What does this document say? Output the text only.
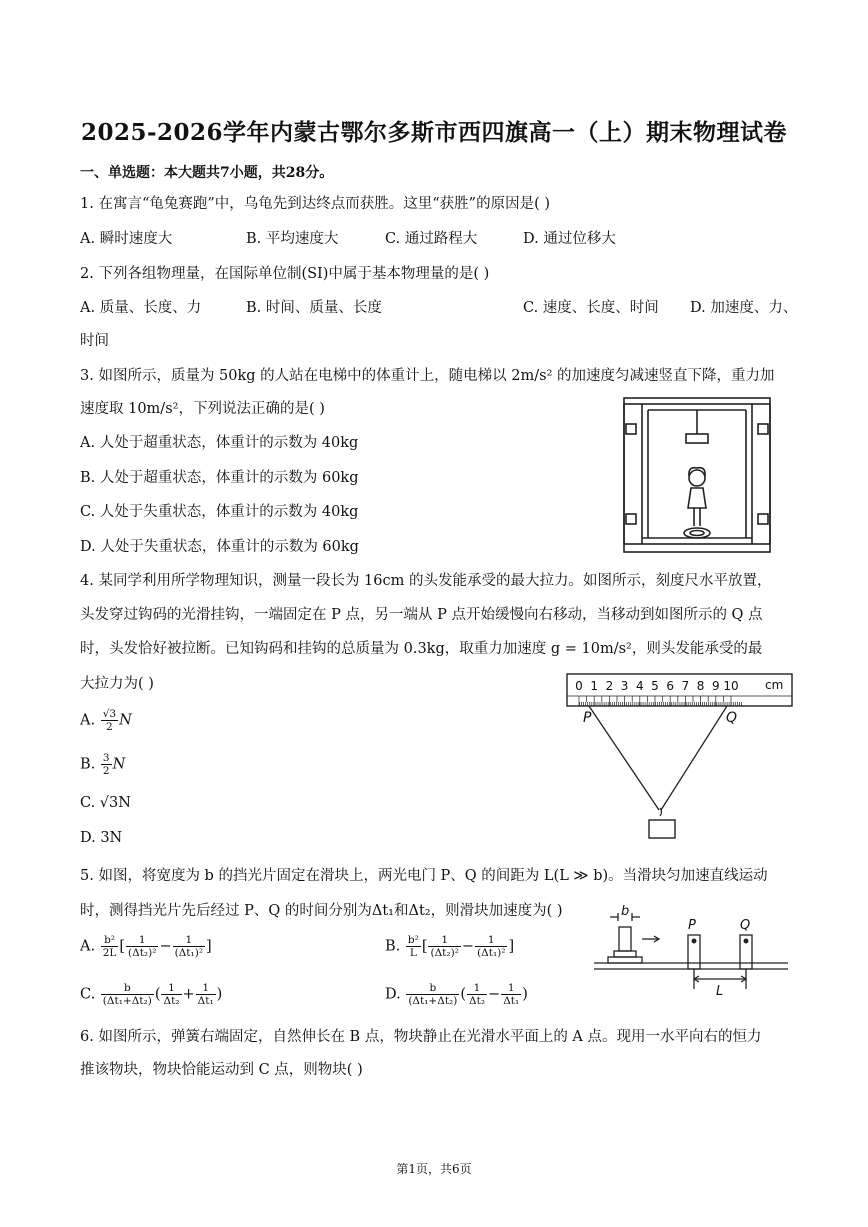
2025-2026学年内蒙古鄂尔多斯市西四旗高一（上）期末物理试卷
一、单选题：本大题共7小题，共28分。
1. 在寓言“龟兔赛跑”中，乌龟先到达终点而获胜。这里“获胜”的原因是( )
A. 瞬时速度大	B. 平均速度大	C. 通过路程大	D. 通过位移大
2. 下列各组物理量，在国际单位制(SI)中属于基本物理量的是( )
A. 质量、长度、力	B. 时间、质量、长度	C. 速度、长度、时间 D. 加速度、力、
时间
3. 如图所示，质量为 50kg 的人站在电梯中的体重计上，随电梯以 2m/s² 的加速度匀减速竖直下降，重力加
速度取 10m/s²，下列说法正确的是( )
A. 人处于超重状态，体重计的示数为 40kg
B. 人处于超重状态，体重计的示数为 60kg
C. 人处于失重状态，体重计的示数为 40kg
D. 人处于失重状态，体重计的示数为 60kg
4. 某同学利用所学物理知识，测量一段长为 16cm 的头发能承受的最大拉力。如图所示，刻度尺水平放置，
头发穿过钩码的光滑挂钩，一端固定在 P 点，另一端从 P 点开始缓慢向右移动，当移动到如图所示的 Q 点
时，头发恰好被拉断。已知钩码和挂钩的总质量为 0.3kg，取重力加速度 g = 10m/s²，则头发能承受的最
大拉力为( )
A. $\frac{√3}{2}$ N
B. $\frac{3}{2}$ N
C. √3N
D. 3N
0 1 2 3 4 5 6 7 8 9 10 cm
P	Q
5. 如图，将宽度为 b 的挡光片固定在滑块上，两光电门 P、Q 的间距为 L(L ≫ b)。当滑块匀加速直线运动
时，测得挡光片先后经过 P、Q 的时间分别为Δt₁和Δt₂，则滑块加速度为( )
A. $\frac{\text{b²}}{2L}$ [ $\frac{1}{\text{(Δt₂)²}} - \frac{1}{\text{(Δt₁)²}}$ ]	B. $\frac{\text{b²}}{L}$ [ $\frac{1}{\text{(Δt₂)²}} - \frac{1}{\text{(Δt₁)²}}$ ]
C. $\frac{b}{\text{(Δt₁+Δt₂)}}$ ( $\frac{1}{\text{Δt₂}} + \frac{1}{\text{Δt₁}}$ )	D. $\frac{b}{\text{(Δt₁+Δt₂)}}$ ( $\frac{1}{\text{Δt₂}} - \frac{1}{\text{Δt₁}}$ )
b
P	Q
L
6. 如图所示，弹簧右端固定，自然伸长在 B 点，物块静止在光滑水平面上的 A 点。现用一水平向右的恒力
推该物块，物块恰能运动到 C 点，则物块( )
第1页，共6页
